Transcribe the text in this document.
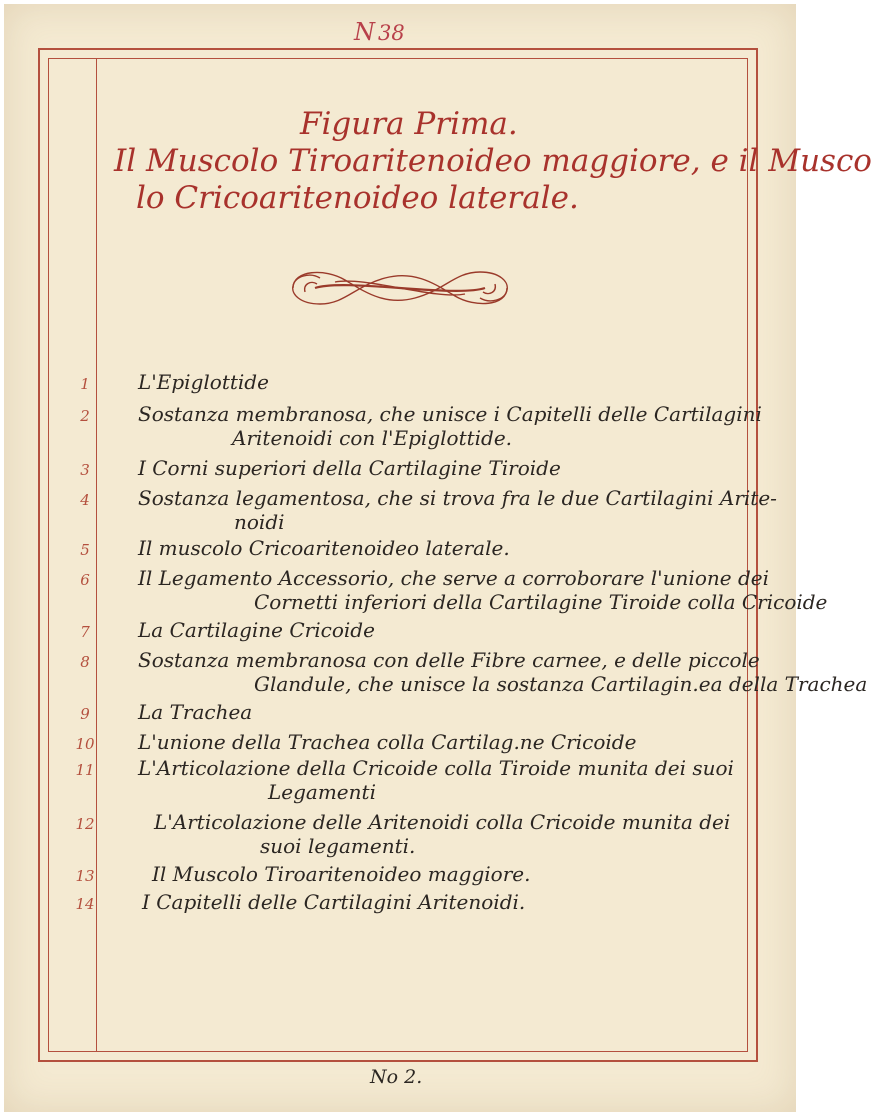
N 38
Figura Prima.
Il Muscolo Tiroaritenoideo maggiore, e il Musco
lo Cricoaritenoideo laterale.
1	L'Epiglottide
2	Sostanza membranosa, che unisce i Capitelli delle Cartilagini
Aritenoidi con l'Epiglottide.
3	I Corni superiori della Cartilagine Tiroide
4	Sostanza legamentosa, che si trova fra le due Cartilagini Arite-
noidi
5	Il muscolo Cricoaritenoideo laterale.
6	Il Legamento Accessorio, che serve a corroborare l'unione dei
Cornetti inferiori della Cartilagine Tiroide colla Cricoide
7	La Cartilagine Cricoide
8	Sostanza membranosa con delle Fibre carnee, e delle piccole
Glandule, che unisce la sostanza Cartilagin.ea della Trachea
9	La Trachea
10 L'unione della Trachea colla Cartilag.ne Cricoide
11 L'Articolazione della Cricoide colla Tiroide munita dei suoi
Legamenti
12	L'Articolazione delle Aritenoidi colla Cricoide munita dei
suoi legamenti.
13	Il Muscolo Tiroaritenoideo maggiore.
14 I Capitelli delle Cartilagini Aritenoidi.
No 2.
